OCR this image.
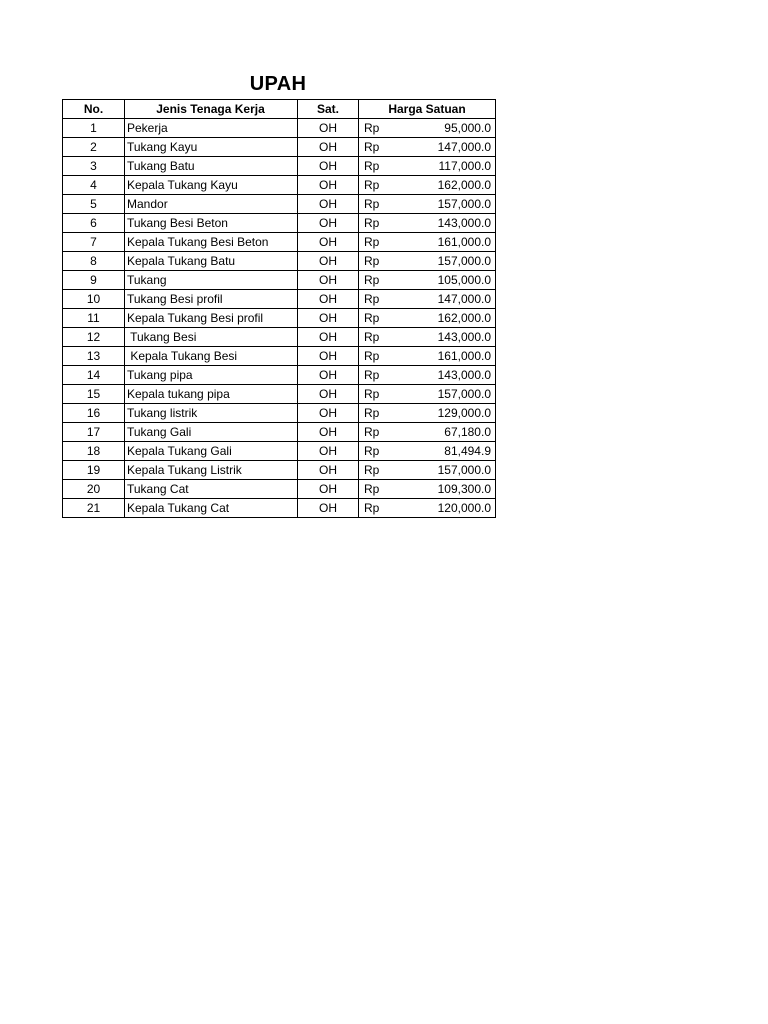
UPAH
No.	Jenis Tenaga Kerja	Sat.	Harga Satuan	
1	Pekerja	OH	Rp	95,000.0
2	Tukang Kayu	OH	Rp	147,000.0
3	Tukang Batu	OH	Rp	117,000.0
4	Kepala Tukang Kayu	OH	Rp	162,000.0
5	Mandor	OH	Rp	157,000.0
6	Tukang Besi Beton	OH	Rp	143,000.0
7	Kepala Tukang Besi Beton	OH	Rp	161,000.0
8	Kepala Tukang Batu	OH	Rp	157,000.0
9	Tukang	OH	Rp	105,000.0
10	Tukang Besi profil	OH	Rp	147,000.0
11	Kepala Tukang Besi profil	OH	Rp	162,000.0
12	Tukang Besi	OH	Rp	143,000.0
13	Kepala Tukang Besi	OH	Rp	161,000.0
14	Tukang pipa	OH	Rp	143,000.0
15	Kepala tukang pipa	OH	Rp	157,000.0
16	Tukang listrik	OH	Rp	129,000.0
17	Tukang Gali	OH	Rp	67,180.0
18	Kepala Tukang Gali	OH	Rp	81,494.9
19	Kepala Tukang Listrik	OH	Rp	157,000.0
20	Tukang Cat	OH	Rp	109,300.0
21	Kepala Tukang Cat	OH	Rp	120,000.0
